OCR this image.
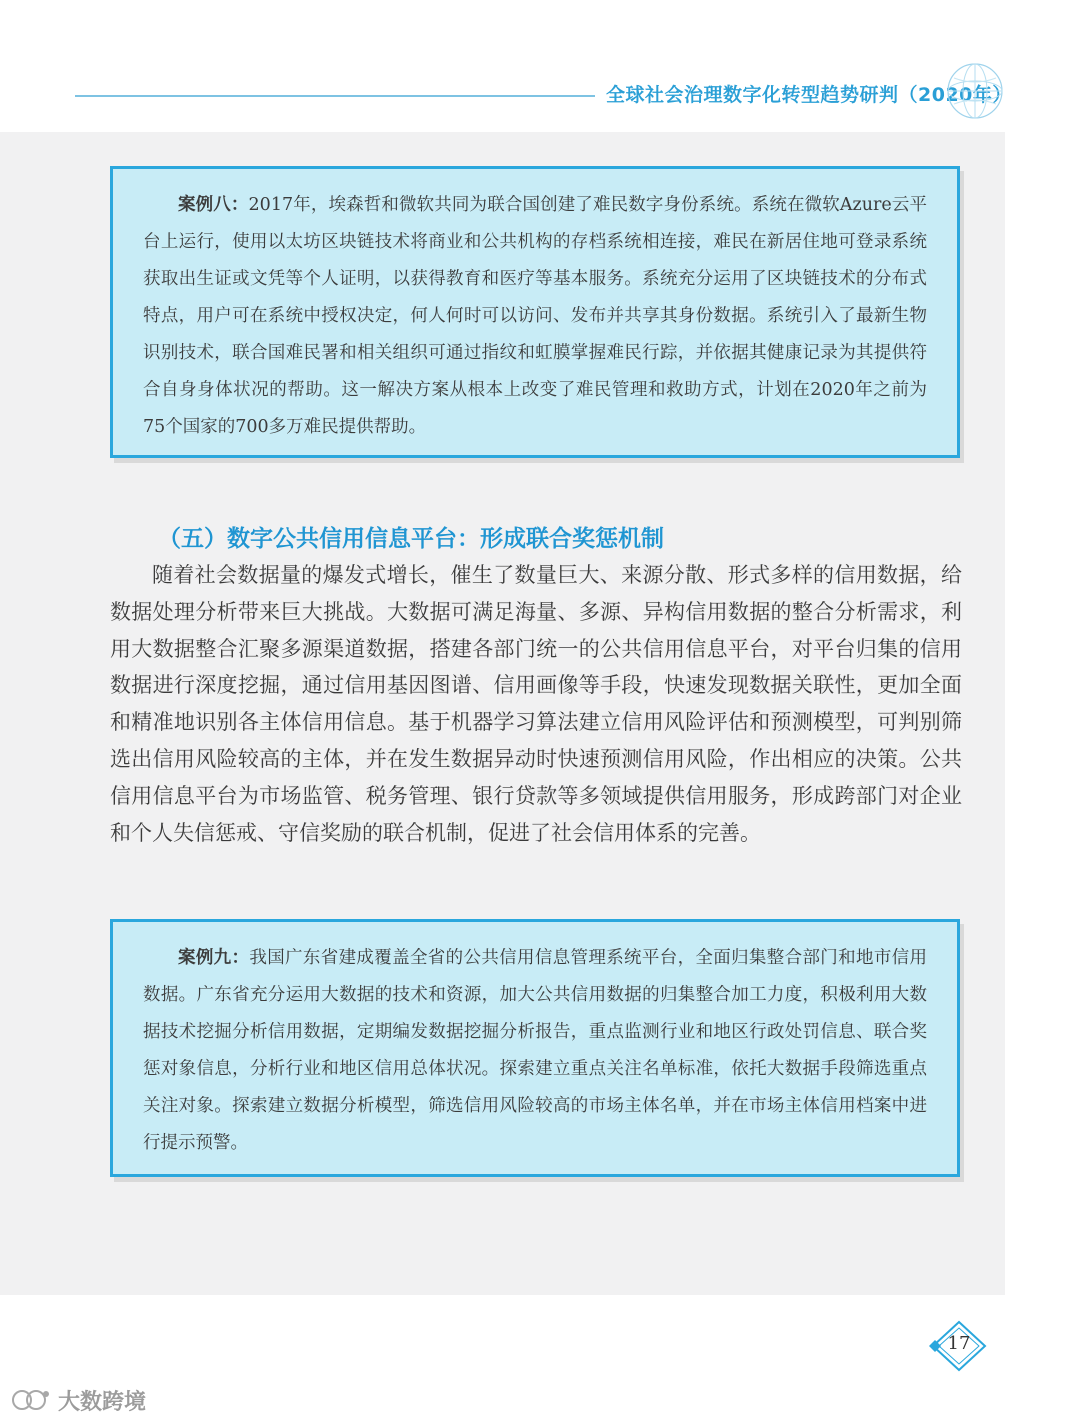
全球社会治理数字化转型趋势研判（2020年）

案例八：2017年，埃森哲和微软共同为联合国创建了难民数字身份系统。系统在微软Azure云平台上运行，使用以太坊区块链技术将商业和公共机构的存档系统相连接，难民在新居住地可登录系统获取出生证或文凭等个人证明，以获得教育和医疗等基本服务。系统充分运用了区块链技术的分布式特点，用户可在系统中授权决定，何人何时可以访问、发布并共享其身份数据。系统引入了最新生物识别技术，联合国难民署和相关组织可通过指纹和虹膜掌握难民行踪，并依据其健康记录为其提供符合自身身体状况的帮助。这一解决方案从根本上改变了难民管理和救助方式，计划在2020年之前为75个国家的700多万难民提供帮助。

（五）数字公共信用信息平台：形成联合奖惩机制

随着社会数据量的爆发式增长，催生了数量巨大、来源分散、形式多样的信用数据，给数据处理分析带来巨大挑战。大数据可满足海量、多源、异构信用数据的整合分析需求，利用大数据整合汇聚多源渠道数据，搭建各部门统一的公共信用信息平台，对平台归集的信用数据进行深度挖掘，通过信用基因图谱、信用画像等手段，快速发现数据关联性，更加全面和精准地识别各主体信用信息。基于机器学习算法建立信用风险评估和预测模型，可判别筛选出信用风险较高的主体，并在发生数据异动时快速预测信用风险，作出相应的决策。公共信用信息平台为市场监管、税务管理、银行贷款等多领域提供信用服务，形成跨部门对企业和个人失信惩戒、守信奖励的联合机制，促进了社会信用体系的完善。

案例九：我国广东省建成覆盖全省的公共信用信息管理系统平台，全面归集整合部门和地市信用数据。广东省充分运用大数据的技术和资源，加大公共信用数据的归集整合加工力度，积极利用大数据技术挖掘分析信用数据，定期编发数据挖掘分析报告，重点监测行业和地区行政处罚信息、联合奖惩对象信息，分析行业和地区信用总体状况。探索建立重点关注名单标准，依托大数据手段筛选重点关注对象。探索建立数据分析模型，筛选信用风险较高的市场主体名单，并在市场主体信用档案中进行提示预警。

17
大数跨境
